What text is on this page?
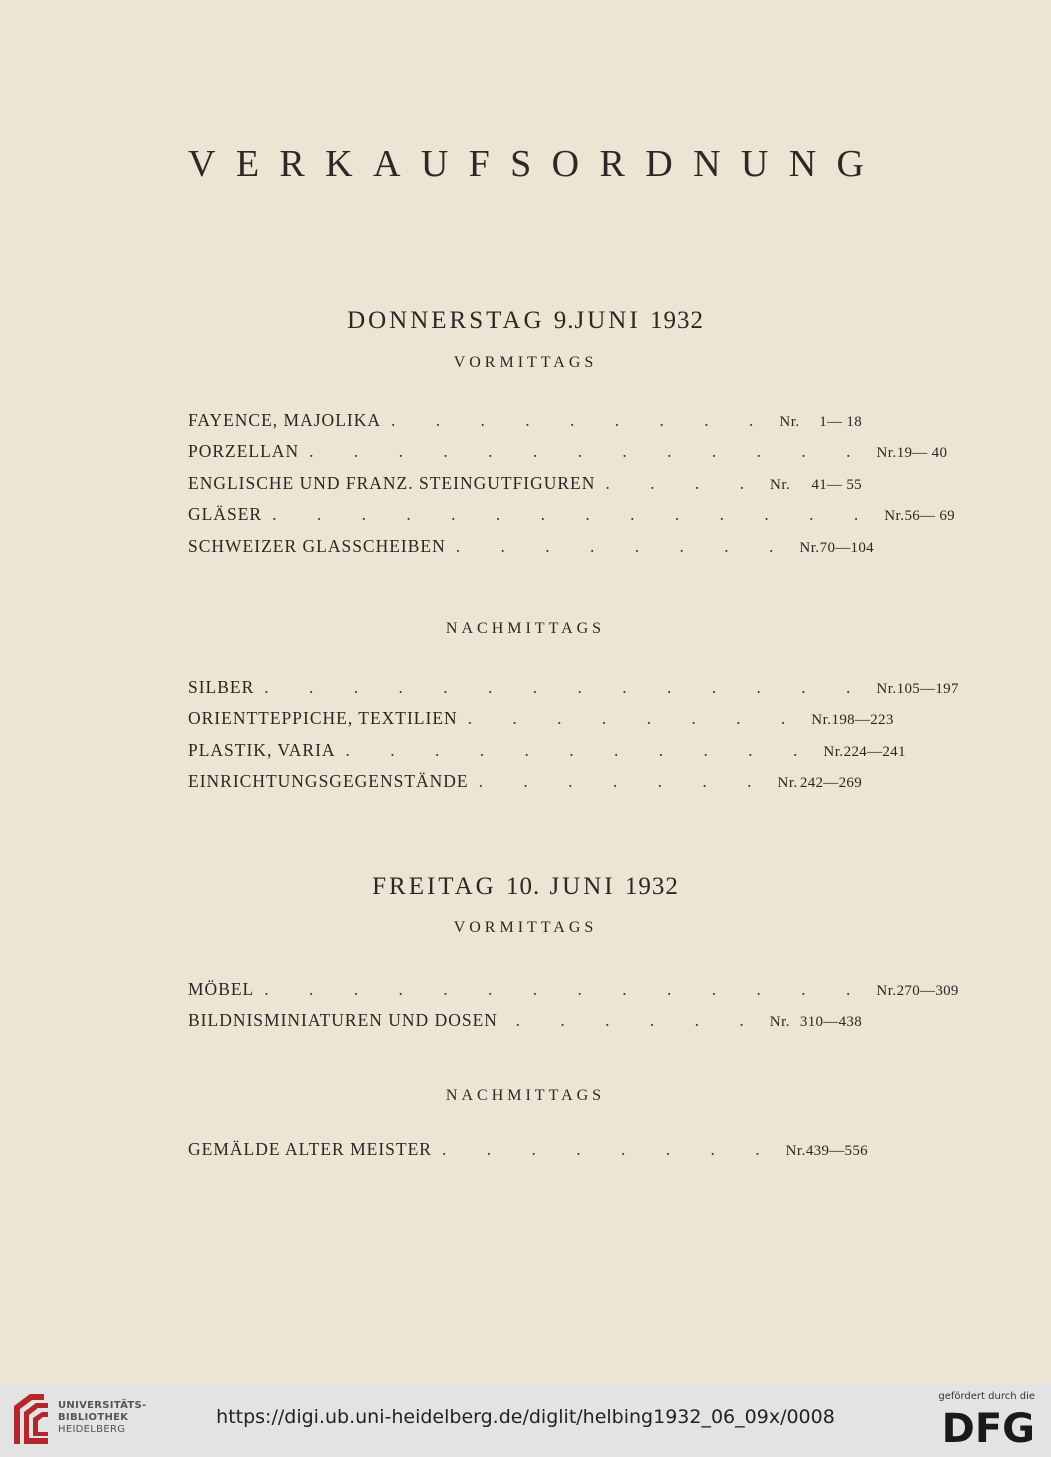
V E R K A U F S O R D N U N G
DONNERSTAG 9.JUNI 1932
VORMITTAGS
FAYENCE, MAJOLIKA . . . . . . . . . Nr.	1— 18
PORZELLAN . . . . . . . . . . . . . Nr. 19— 40
ENGLISCHE UND FRANZ. STEINGUTFIGUREN . . . . Nr.	41— 55
GLÄSER . . . . . . . . . . . . . . Nr. 56— 69
SCHWEIZER GLASSCHEIBEN . . . . . . . . Nr. 70—104
NACHMITTAGS
SILBER . . . . . . . . . . . . . . Nr. 105—197
ORIENTTEPPICHE, TEXTILIEN . . . . . . . . Nr. 198—223
PLASTIK, VARIA . . . . . . . . . . . Nr. 224—241
EINRICHTUNGSGEGENSTÄNDE . . . . . . . Nr. 242—269
FREITAG 10. JUNI 1932
VORMITTAGS
MÖBEL . . . . . . . . . . . . . . Nr. 270—309
BILDNISMINIATUREN UND DOSEN	. . . . . . Nr. 310—438
NACHMITTAGS
GEMÄLDE ALTER MEISTER . . . . . . . . Nr. 439—556
UNIVERSITÄTS-
BIBLIOTHEK
HEIDELBERG
https://digi.ub.uni-heidelberg.de/diglit/helbing1932_06_09x/0008
gefördert durch die
DFG
